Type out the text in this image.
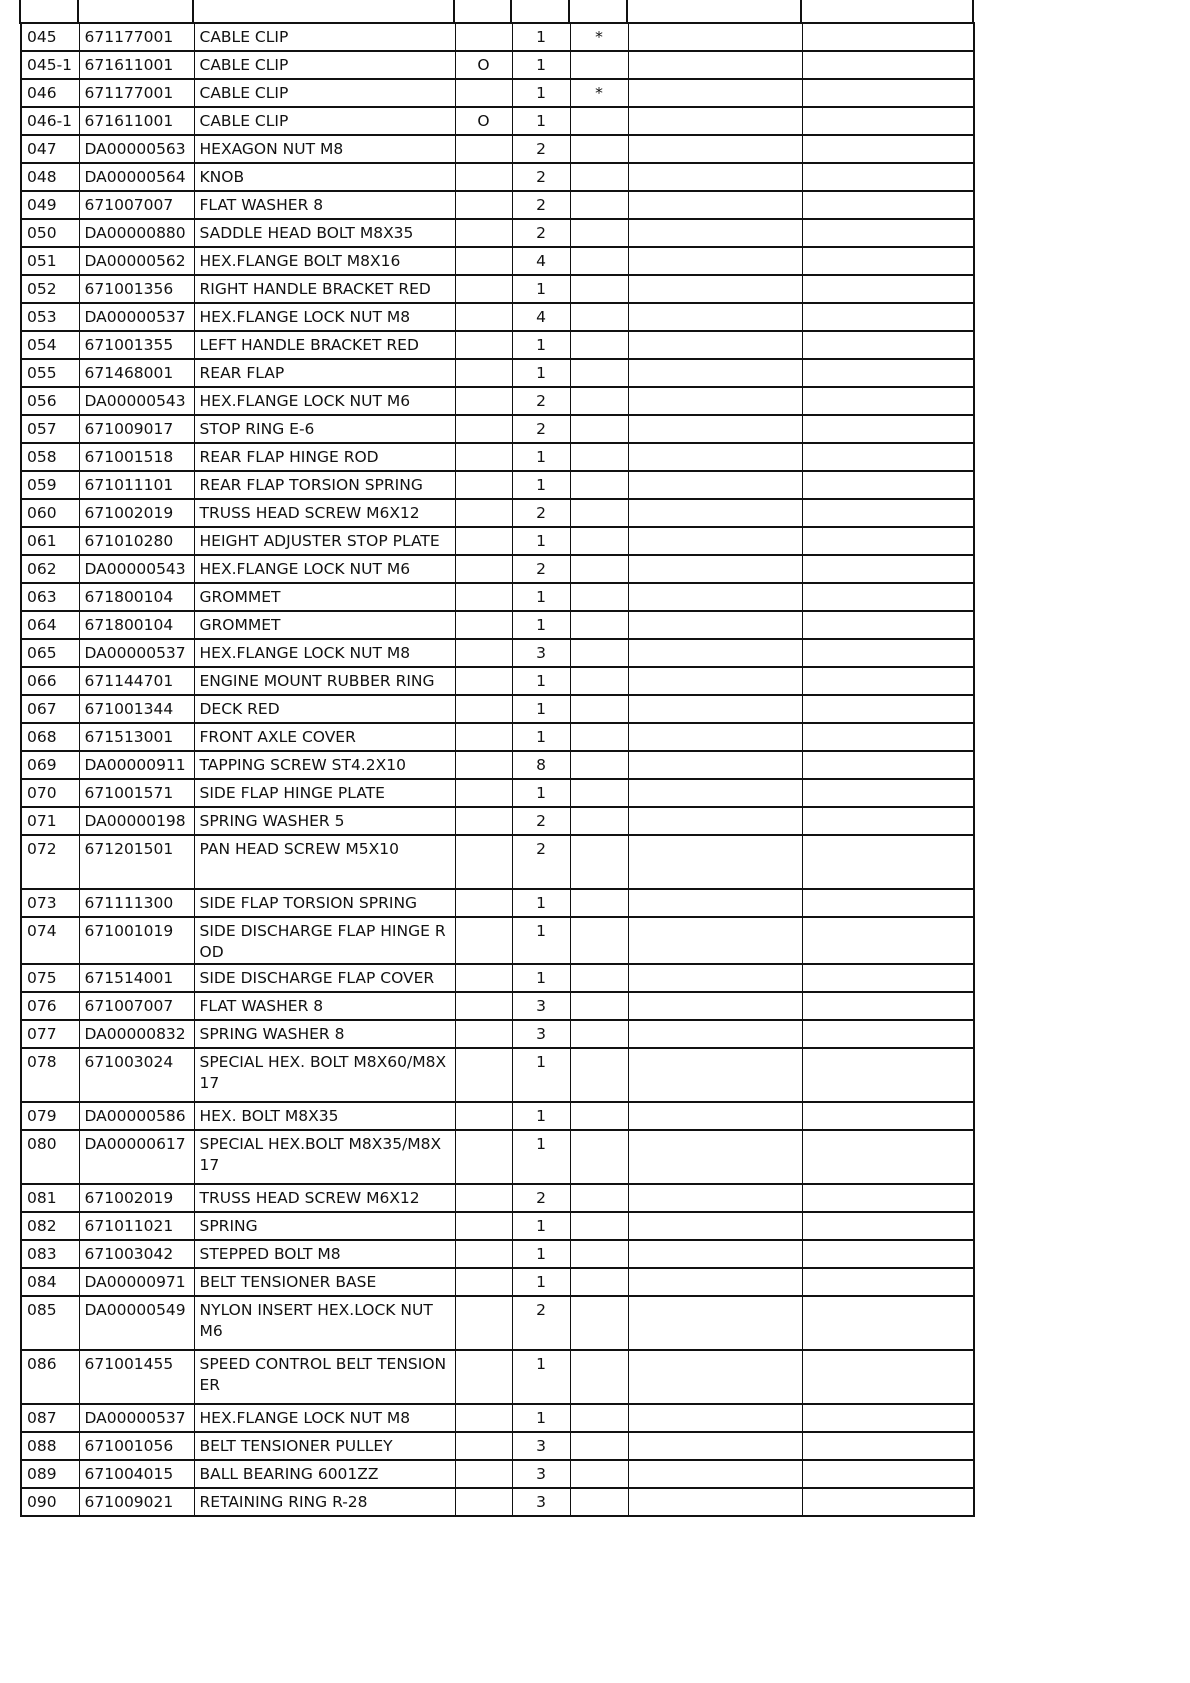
045	671177001	CABLE CLIP		1	*		
045-1	671611001	CABLE CLIP	O	1			
046	671177001	CABLE CLIP		1	*		
046-1	671611001	CABLE CLIP	O	1			
047	DA00000563	HEXAGON NUT M8		2			
048	DA00000564	KNOB		2			
049	671007007	FLAT WASHER 8		2			
050	DA00000880	SADDLE HEAD BOLT M8X35		2			
051	DA00000562	HEX.FLANGE BOLT M8X16		4			
052	671001356	RIGHT HANDLE BRACKET RED		1			
053	DA00000537	HEX.FLANGE LOCK NUT M8		4			
054	671001355	LEFT HANDLE BRACKET RED		1			
055	671468001	REAR FLAP		1			
056	DA00000543	HEX.FLANGE LOCK NUT M6		2			
057	671009017	STOP RING E-6		2			
058	671001518	REAR FLAP HINGE ROD		1			
059	671011101	REAR FLAP TORSION SPRING		1			
060	671002019	TRUSS HEAD SCREW M6X12		2			
061	671010280	HEIGHT ADJUSTER STOP PLATE		1			
062	DA00000543	HEX.FLANGE LOCK NUT M6		2			
063	671800104	GROMMET		1			
064	671800104	GROMMET		1			
065	DA00000537	HEX.FLANGE LOCK NUT M8		3			
066	671144701	ENGINE MOUNT RUBBER RING		1			
067	671001344	DECK RED		1			
068	671513001	FRONT AXLE COVER		1			
069	DA00000911	TAPPING SCREW ST4.2X10		8			
070	671001571	SIDE FLAP HINGE PLATE		1			
071	DA00000198	SPRING WASHER 5		2			
072	671201501	PAN HEAD SCREW M5X10		2			
073	671111300	SIDE FLAP TORSION SPRING		1			
074	671001019	SIDE DISCHARGE FLAP HINGE ROD		1			
075	671514001	SIDE DISCHARGE FLAP COVER		1			
076	671007007	FLAT WASHER 8		3			
077	DA00000832	SPRING WASHER 8		3			
078	671003024	SPECIAL HEX. BOLT M8X60/M8X17		1			
079	DA00000586	HEX. BOLT M8X35		1			
080	DA00000617	SPECIAL HEX.BOLT M8X35/M8X17		1			
081	671002019	TRUSS HEAD SCREW M6X12		2			
082	671011021	SPRING		1			
083	671003042	STEPPED BOLT M8		1			
084	DA00000971	BELT TENSIONER BASE		1			
085	DA00000549	NYLON INSERT HEX.LOCK NUT M6		2			
086	671001455	SPEED CONTROL BELT TENSIONER		1			
087	DA00000537	HEX.FLANGE LOCK NUT M8		1			
088	671001056	BELT TENSIONER PULLEY		3			
089	671004015	BALL BEARING 6001ZZ		3			
090	671009021	RETAINING RING R-28		3			
